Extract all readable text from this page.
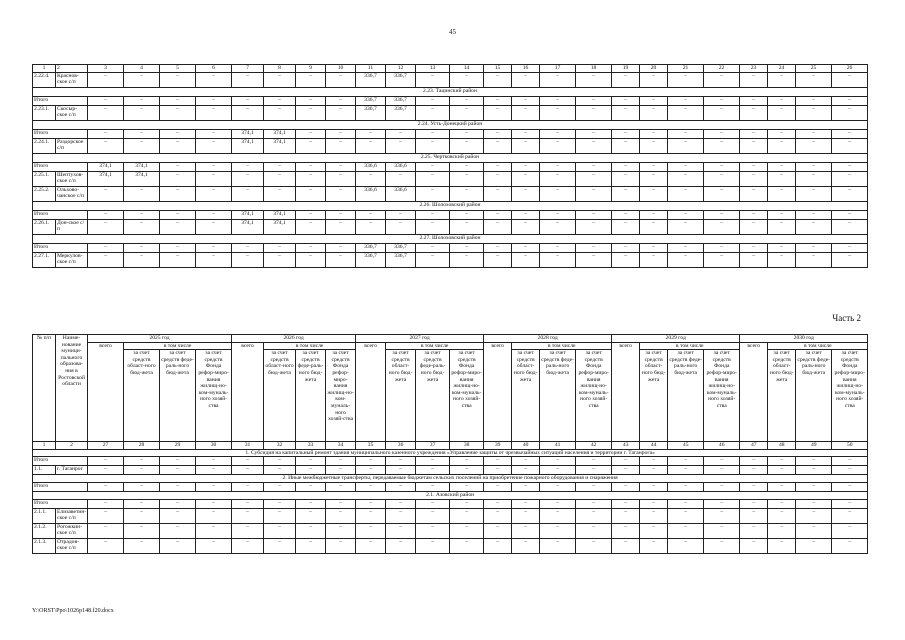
45
1	2	3	4	5	6	7	8	9	10	11	12	13	14	15	16	17	18	19	20	21	22	23	24	25	26
2.22.4.	Краснов-ское с/п	–	–	–	–	–	–	–	–	336,7	336,7	–	–	–	–	–	–	–	–	–	–	–	–	–	–
2.23. Тацинский район																									
Итого		–	–	–	–	–	–	–	–	336,7	336,7	–	–	–	–	–	–	–	–	–	–	–	–	–	–
2.23.1.	Скосыр-ское с/п	–	–	–	–	–	–	–	–	336,7	336,7	–	–	–	–	–	–	–	–	–	–	–	–	–	–
2.24. Усть-Донецкий район																									
Итого		–	–	–	–	374,1	374,1	–	–	–	–	–	–	–	–	–	–	–	–	–	–	–	–	–	–
2.24.1.	Раздорское с/п	–	–	–	–	374,1	374,1	–	–	–	–	–	–	–	–	–	–	–	–	–	–	–	–	–	–
2.25. Чертковский район																									
Итого		374,1	374,1	–	–	–	–	–	–	336,6	336,6	–	–	–	–	–	–	–	–	–	–	–	–	–	–
2.25.1.	Шептухов-ское с/п	374,1	374,1	–	–	–	–	–	–	–	–	–	–	–	–	–	–	–	–	–	–	–	–	–	–
2.25.2.	Ольхово-чанское с/п	–	–	–	–	–	–	–	–	336,6	336,6	–	–	–	–	–	–	–	–	–	–	–	–	–	–
2.26. Шолоховский район																									
Итого		–	–	–	–	374,1	374,1	–	–	–	–	–	–	–	–	–	–	–	–	–	–	–	–	–	–
2.26.1.	Дон-ское с/п	–	–	–	–	374,1	374,1	–	–	–	–	–	–	–	–	–	–	–	–	–	–	–	–	–	–
2.27. Шолоховский район																									
Итого		–	–	–	–	–	–	–	–	336,7	336,7	–	–	–	–	–	–	–	–	–	–	–	–	–	–
2.27.1.	Меркулов-ское с/п	–	–	–	–	–	–	–	–	336,7	336,7	–	–	–	–	–	–	–	–	–	–	–	–	–	–
Часть 2
№ п/п	Наиме-нование муници-пального образова-ния в Ростовской области	2025 год				2026 год				2027 год				2028 год				2029 год				2030 год			
		всего	в том числе			всего	в том числе			всего	в том числе			всего	в том числе			всего	в том числе			всего	в том числе		
			за счет средств област-ного бюд-жета	за счет средств феде-раль-ного бюд-жета	за счет средств Фонда рефор-миро-вания жилищ-но-ком-муналь-ного хозяй-ства		за счет средств област-ного бюд-жета	за счет средств феде-раль-ного бюд-жета	за счет средств Фонда рефор-миро-вания жилищ-но-ком-муналь-ного хозяй-ства		за счет средств област-ного бюд-жета	за счет средств феде-раль-ного бюд-жета	за счет средств Фонда рефор-миро-вания жилищ-но-ком-муналь-ного хозяй-ства		за счет средств област-ного бюд-жета	за счет средств феде-раль-ного бюд-жета	за счет средств Фонда рефор-миро-вания жилищ-но-ком-муналь-ного хозяй-ства		за счет средств област-ного бюд-жета	за счет средств феде-раль-ного бюд-жета	за счет средств Фонда рефор-миро-вания жилищ-но-ком-муналь-ного хозяй-ства		за счет средств област-ного бюд-жета	за счет средств феде-раль-ного бюд-жета	за счет средств Фонда рефор-миро-вания жилищ-но-ком-муналь-ного хозяй-ства
1	2	27	28	29	30	31	32	33	34	35	36	37	38	39	40	41	42	43	44	45	46	47	48	49	50
1. Субсидия на капитальный ремонт здания муниципального казенного учреждения «Управление защиты от чрезвычайных ситуаций населения и территории г. Таганрога»																									
Итого		–	–	–	–	–	–	–	–	–	–	–	–	–	–	–	–	–	–	–	–	–	–	–	–
1.1.	г. Таганрог	–	–	–	–	–	–	–	–	–	–	–	–	–	–	–	–	–	–	–	–	–	–	–	–
2. Иные межбюджетные трансферты, передаваемые бюджетам сельских поселений на приобретение пожарного оборудования и снаряжения																									
Итого		–	–	–	–	–	–	–	–	–	–	–	–	–	–	–	–	–	–	–	–	–	–	–	–
2.1. Азовский район																									
Итого		–	–	–	–	–	–	–	–	–	–	–	–	–	–	–	–	–	–	–	–	–	–	–	–
2.1.1.	Елизаветин-ское с/п	–	–	–	–	–	–	–	–	–	–	–	–	–	–	–	–	–	–	–	–	–	–	–	–
2.1.2.	Рогожкин-ское с/п	–	–	–	–	–	–	–	–	–	–	–	–	–	–	–	–	–	–	–	–	–	–	–	–
2.1.3.	Отрадов-ское с/п	–	–	–	–	–	–	–	–	–	–	–	–	–	–	–	–	–	–	–	–	–	–	–	–
Y:\ORST\Ppo\1026p148.f20.docx
